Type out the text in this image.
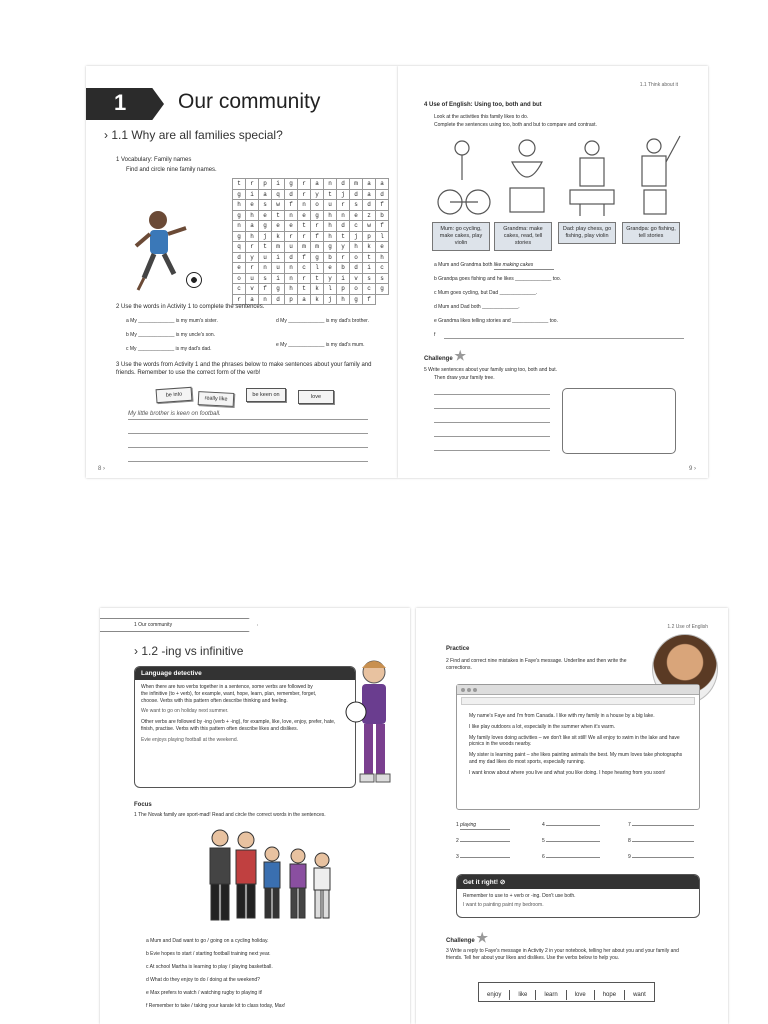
1 Our community
› 1.1 Why are all families special?
1 Vocabulary: Family names
Find and circle nine family names.
t	r	p	i	g	r	a	n	d	m	a	a
g	i	a	q	d	r	y	t	j	d	a	d
h	e	s	w	f	n	o	u	r	s	d	f
g	h	e	t	n	e	g	h	n	e	z	b
n	a	g	e	e	t	r	h	d	c	w	f
g	h	j	k	r	r	f	h	t	j	p	l
q	r	t	m	u	m	m	g	y	h	k	e
d	y	u	i	d	f	g	b	r	o	t	h
e	r	n	u	n	c	l	e	b	d	i	c
o	u	s	i	n	r	t	y	i	v	s	s
c	v	f	g	h	t	k	l	p	o	c	g
r	a	n	d	p	a	k	j	h	g	f
2 Use the words in Activity 1 to complete the sentences.
a My _____________ is my mum's sister.
b My _____________ is my uncle's son.
c My _____________ is my dad's dad.
d My _____________ is my dad's brother.
e My _____________ is my dad's mum.
3 Use the words from Activity 1 and the phrases below to make sentences about your family and friends. Remember to use the correct form of the verb!
be into
really like
be keen on	love
My little brother is keen on football.
8 ›
1.1 Think about it
4 Use of English: Using too, both and but
Look at the activities this family likes to do.
Complete the sentences using too, both and but to compare and contrast.
Mum: go cycling, make cakes, play violin
Grandma: make cakes, read, tell stories
Dad: play chess, go fishing, play violin
Grandpa: go fishing, tell stories
a Mum and Grandma both like making cakes
b Grandpa goes fishing and he likes _____________ too.
c Mum goes cycling, but Dad _____________.
d Mum and Dad both _____________.
e Grandma likes telling stories and _____________ too.
f
Challenge ★
5 Write sentences about your family using too, both and but.
Then draw your family tree.
9 ›
1 Our community
› 1.2 -ing vs infinitive
Language detective
When there are two verbs together in a sentence, some verbs are followed by the infinitive (to + verb), for example, want, hope, learn, plan, remember, forget, choose. Verbs with this pattern often describe thinking and feeling.
We want to go on holiday next summer.
Other verbs are followed by -ing (verb + -ing), for example, like, love, enjoy, prefer, hate, finish, practise. Verbs with this pattern often describe likes and dislikes.
Evie enjoys playing football at the weekend.
Focus
1 The Novak family are sport-mad! Read and circle the correct words in the sentences.
a Mum and Dad want to go / going on a cycling holiday.
b Evie hopes to start / starting football training next year.
c At school Martha is learning to play / playing basketball.
d What do they enjoy to do / doing at the weekend?
e Max prefers to watch / watching rugby to playing it!
f Remember to take / taking your karate kit to class today, Max!
1.2 Use of English
Practice
2 Find and correct nine mistakes in Faye's message. Underline and then write the corrections.
My name's Faye and I'm from Canada. I like with my family in a house by a big lake.
I like play outdoors a lot, especially in the summer when it's warm.
My family loves doing activities – we don't like sit still! We all enjoy to swim in the lake and have picnics in the woods nearby.
My sister is learning paint – she likes painting animals the best. My mum loves take photographs and my dad likes do most sports, especially running.
I want know about where you live and what you like doing. I hope hearing from you soon!
1 playing
2
3
4
5
6
7
8
9
Get it right! ⊘
Remember to use to + verb or -ing. Don't use both.
I want to painting paint my bedroom.
Challenge ★
3 Write a reply to Faye's message in Activity 2 in your notebook, telling her about you and your family and friends. Tell her about your likes and dislikes. Use the verbs below to help you.
enjoy	like	learn	love	hope	want
